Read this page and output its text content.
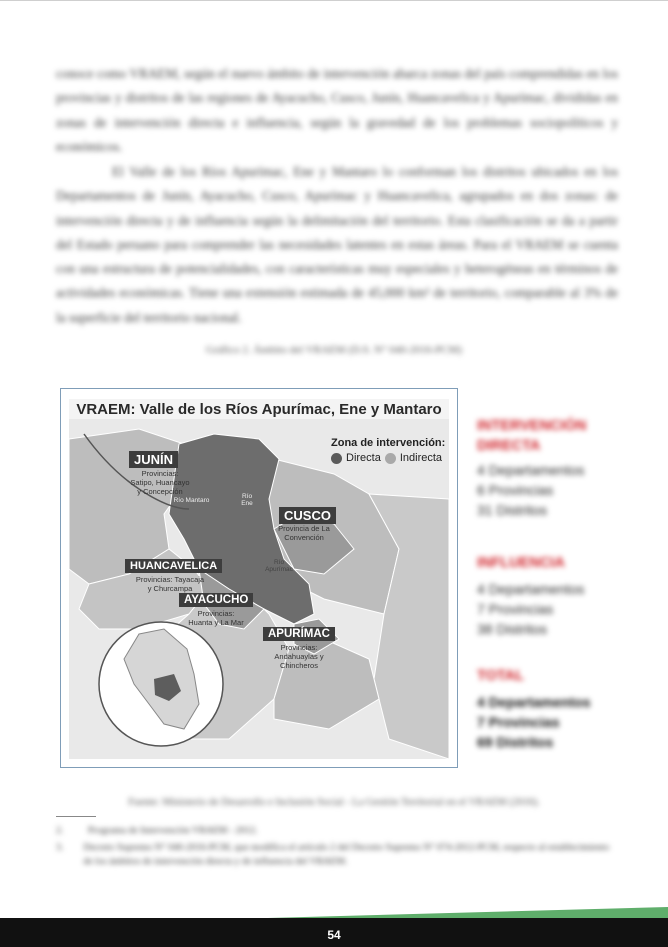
conoce como VRAEM, según el nuevo ámbito de intervención abarca zonas del país comprendidas en los provincias y distritos de las regiones de Ayacucho, Cusco, Junín, Huancavelica y Apurímac, divididas en zonas de intervención directa e influencia, según la gravedad de los problemas sociopolíticos y económicos.

El Valle de los Ríos Apurímac, Ene y Mantaro lo conforman los distritos ubicados en los Departamentos de Junín, Ayacucho, Cusco, Apurímac y Huancavelica, agrupados en dos zonas: de intervención directa y de influencia según la delimitación del territorio. Esta clasificación se da a partir del Estado peruano para comprender las necesidades latentes en estas áreas. Para el VRAEM se cuenta con una estructura de potencialidades, con características muy especiales y heterogéneas en términos de actividades económicas. Tiene una extensión estimada de 45,000 km² de territorio, comparable al 3% de la superficie del territorio nacional.

Gráfico 2. Ámbito del VRAEM (D.S. N° 040-2016-PCM)

VRAEM: Valle de los Ríos Apurímac, Ene y Mantaro
Zona de intervención:
Directa Indirecta
JUNÍN
Provincias:
Satipo, Huancayo
y Concepción
CUSCO
Provincia de La
Convención
HUANCAVELICA
Provincias: Tayacaja
y Churcampa
AYACUCHO
Provincias:
Huanta y La Mar
APURÍMAC
Provincias:
Andahuaylas y
Chincheros
Río Mantaro
Río
Ene
Río
Apurímac
INTERVENCIÓN DIRECTA
4 Departamentos
6 Provincias
31 Distritos
INFLUENCIA
4 Departamentos
7 Provincias
38 Distritos
TOTAL
4 Departamentos
7 Provincias
69 Distritos
Fuente: Ministerio de Desarrollo e Inclusión Social - La Gestión Territorial en el VRAEM (2016).
2.	Programa de Intervención VRAEM - 2012.
3. Decreto Supremo N° 040-2016-PCM, que modifica el artículo 2 del Decreto Supremo N° 074-2012-PCM, respecto al establecimiento de los ámbitos de intervención directa y de influencia del VRAEM.
54
